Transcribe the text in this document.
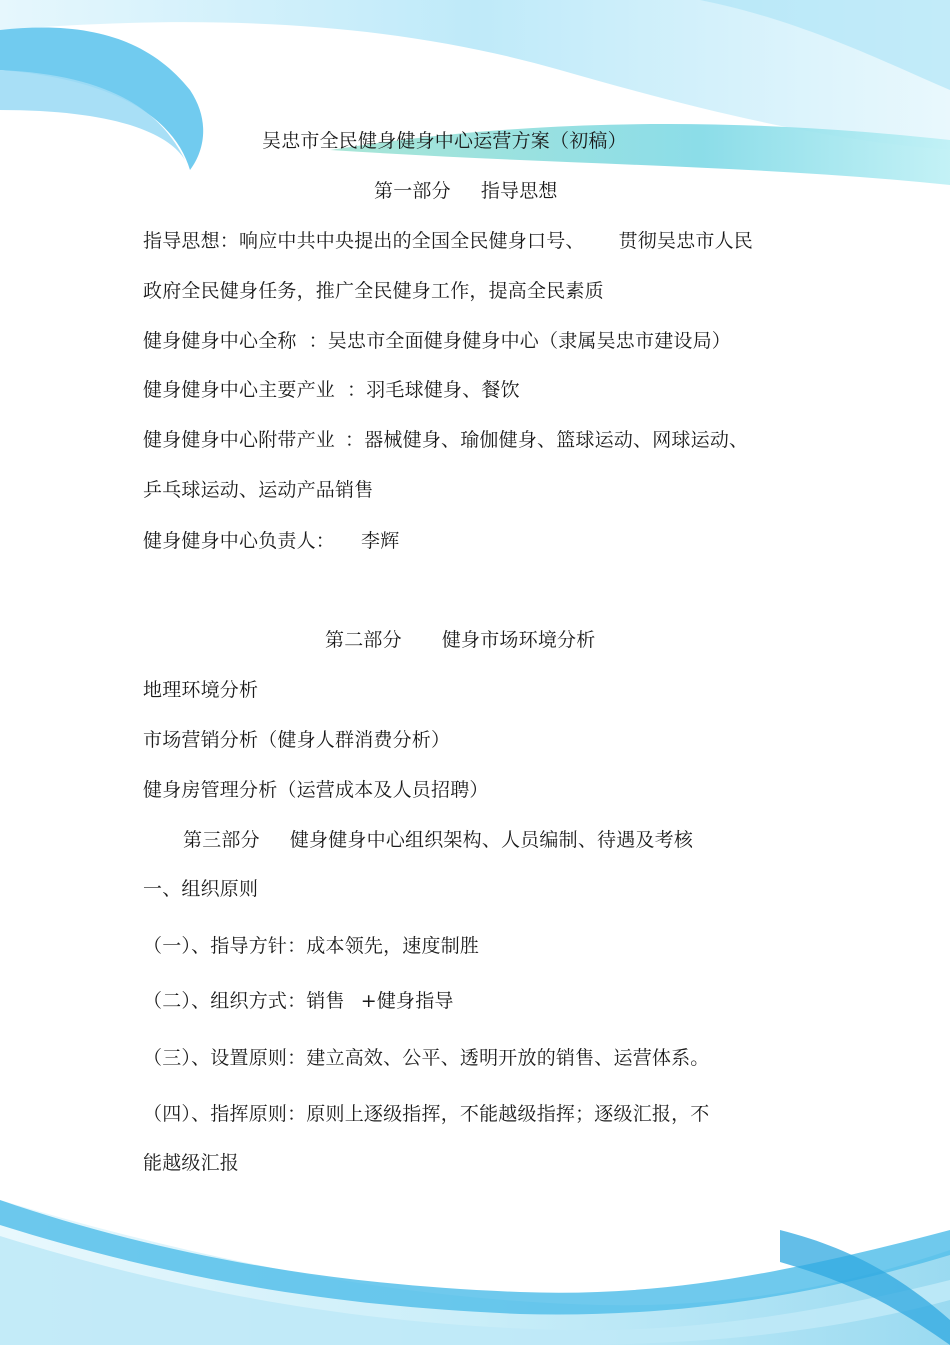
吴忠市全民健身健身中心运营方案（初稿）
第一部分 指导思想
指导思想：响应中共中央提出的全国全民健身口号、 贯彻吴忠市人民
政府全民健身任务，推广全民健身工作，提高全民素质
健身健身中心全称 ：吴忠市全面健身健身中心（隶属吴忠市建设局）
健身健身中心主要产业 ：羽毛球健身、餐饮
健身健身中心附带产业 ：器械健身、瑜伽健身、篮球运动、网球运动、
乒乓球运动、运动产品销售
健身健身中心负责人： 李辉
第二部分 健身市场环境分析
地理环境分析
市场营销分析（健身人群消费分析）
健身房管理分析（运营成本及人员招聘）
第三部分 健身健身中心组织架构、人员编制、待遇及考核
一、组织原则
（一）、指导方针：成本领先，速度制胜
（二）、组织方式：销售 +健身指导
（三）、设置原则：建立高效、公平、透明开放的销售、运营体系。
（四）、指挥原则：原则上逐级指挥，不能越级指挥；逐级汇报，不
能越级汇报
